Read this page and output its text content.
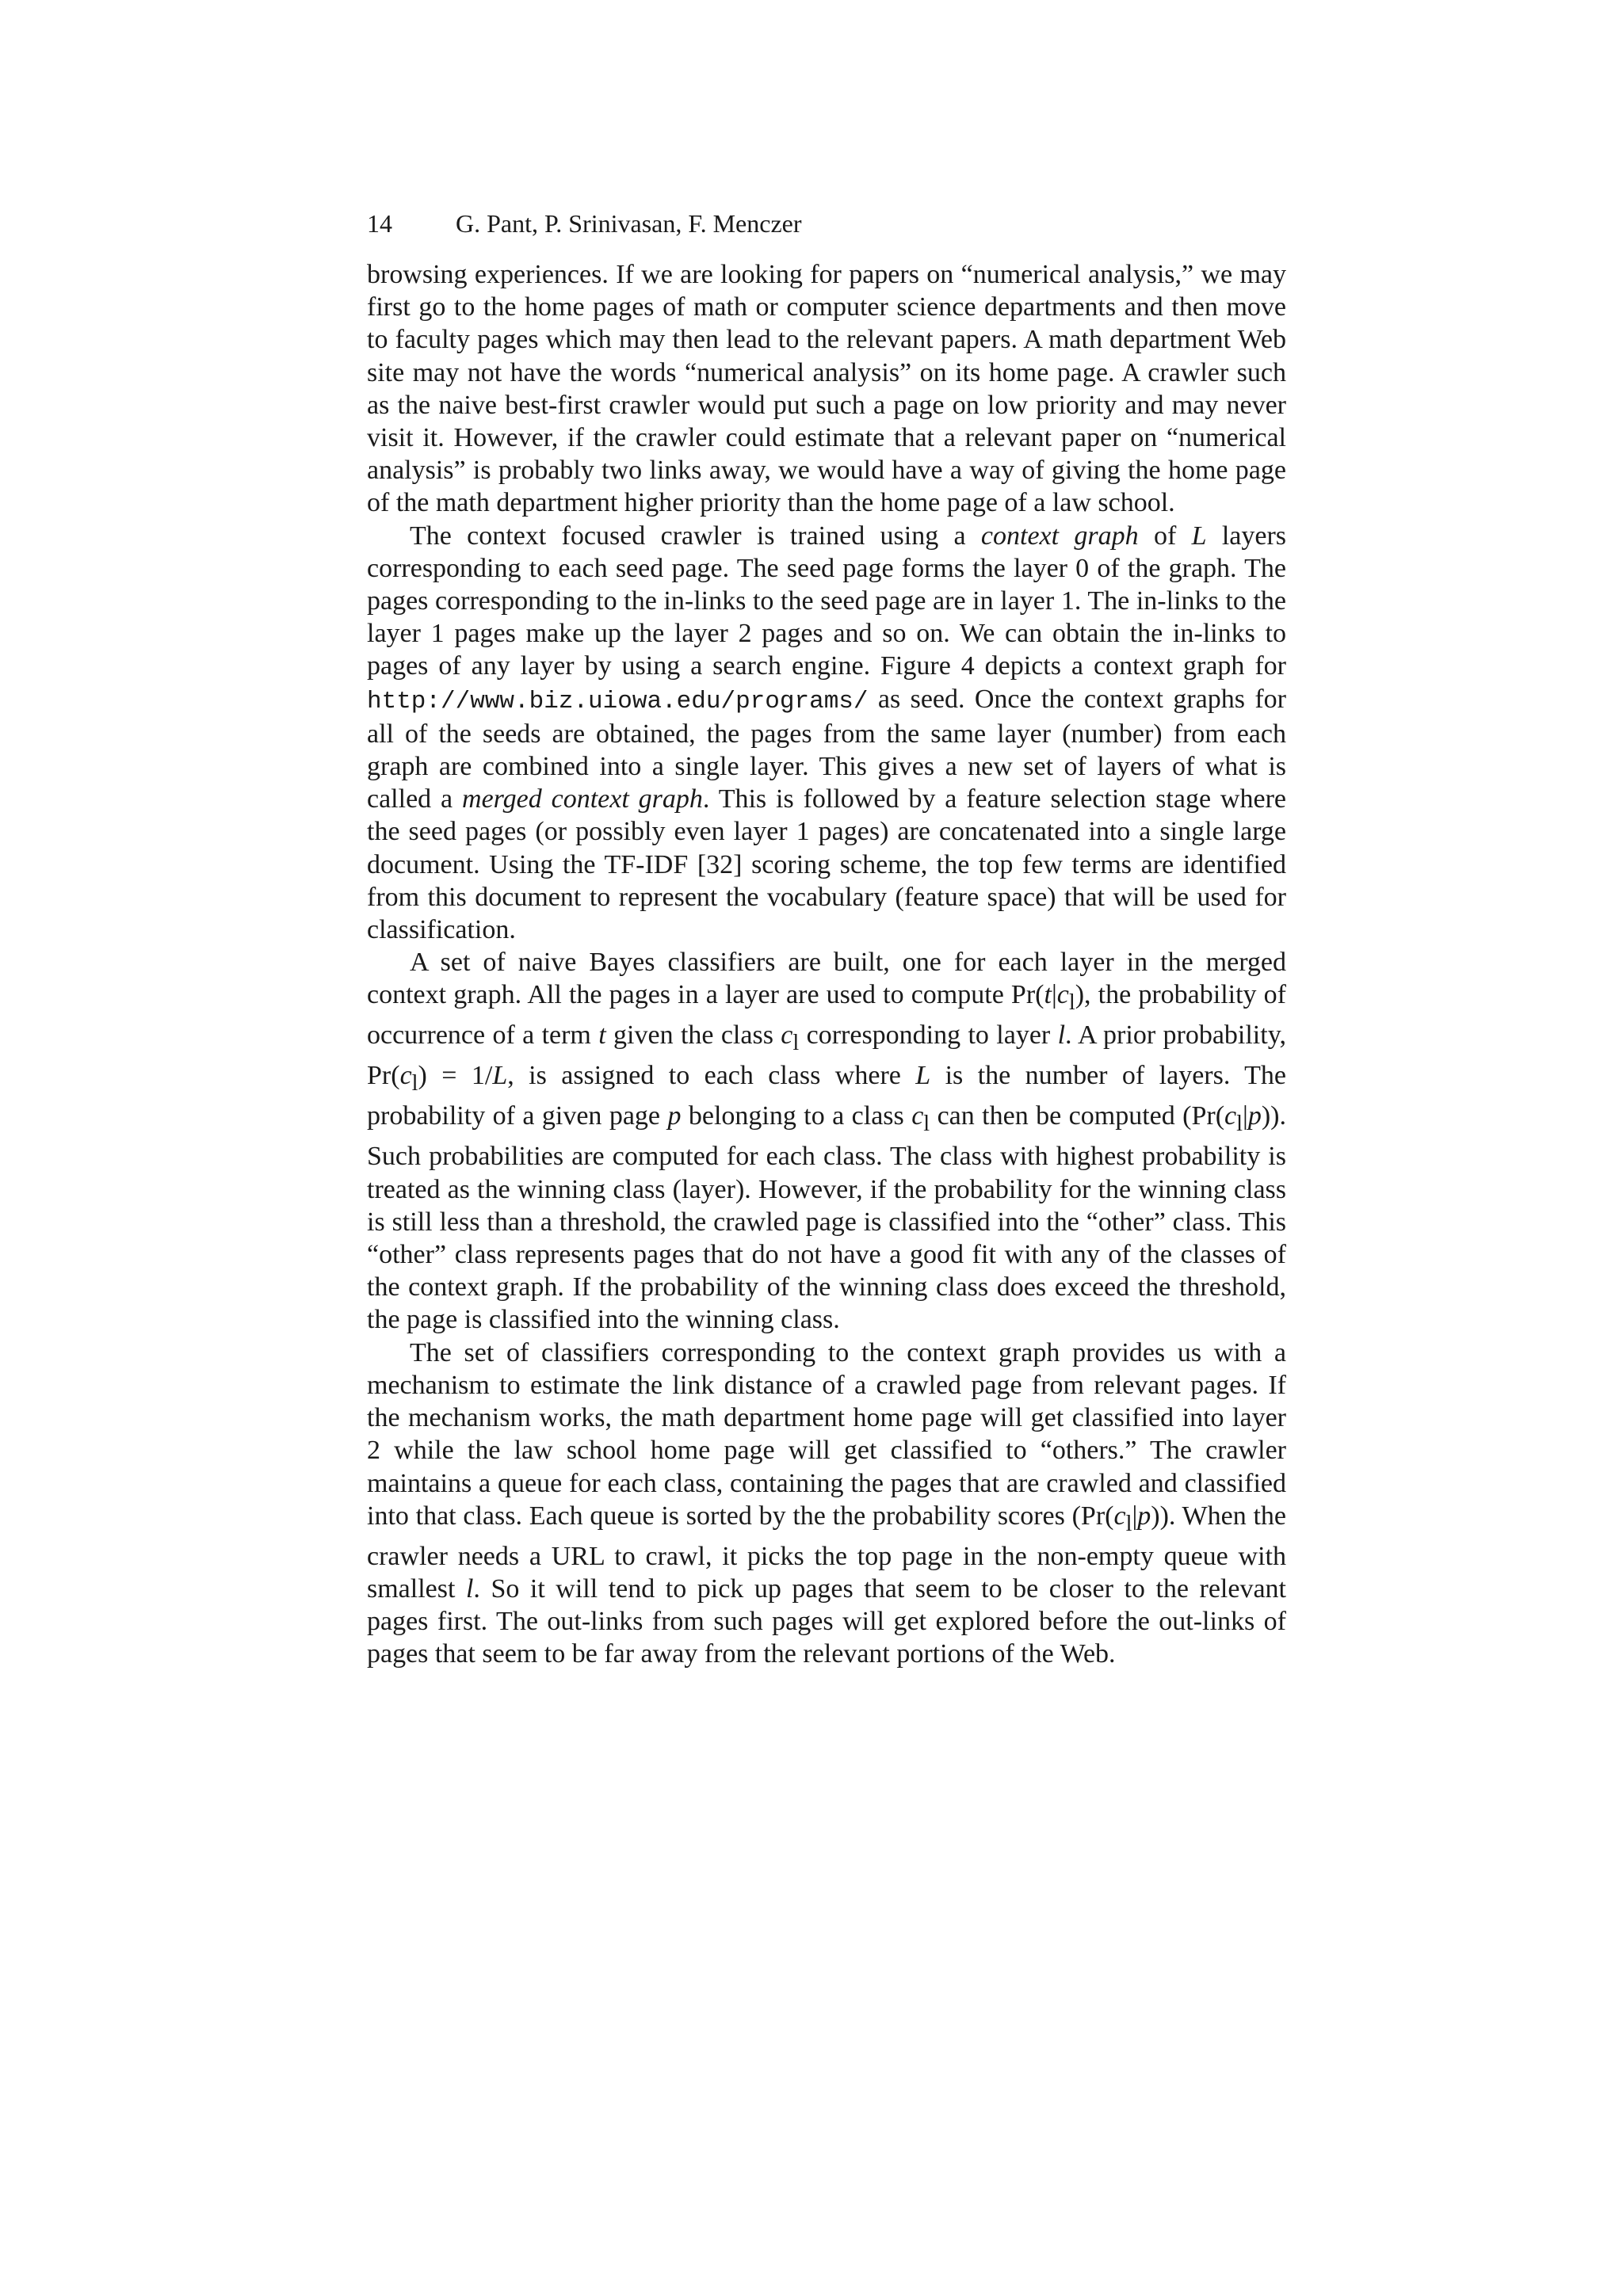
14	G. Pant, P. Srinivasan, F. Menczer

browsing experiences. If we are looking for papers on “numerical analysis,” we may first go to the home pages of math or computer science departments and then move to faculty pages which may then lead to the relevant papers. A math department Web site may not have the words “numerical analysis” on its home page. A crawler such as the naive best-first crawler would put such a page on low priority and may never visit it. However, if the crawler could estimate that a relevant paper on “numerical analysis” is probably two links away, we would have a way of giving the home page of the math department higher priority than the home page of a law school.

The context focused crawler is trained using a context graph of L layers corresponding to each seed page. The seed page forms the layer 0 of the graph. The pages corresponding to the in-links to the seed page are in layer 1. The in-links to the layer 1 pages make up the layer 2 pages and so on. We can obtain the in-links to pages of any layer by using a search engine. Figure 4 depicts a context graph for http://www.biz.uiowa.edu/programs/ as seed. Once the context graphs for all of the seeds are obtained, the pages from the same layer (number) from each graph are combined into a single layer. This gives a new set of layers of what is called a merged context graph. This is followed by a feature selection stage where the seed pages (or possibly even layer 1 pages) are concatenated into a single large document. Using the TF-IDF [32] scoring scheme, the top few terms are identified from this document to represent the vocabulary (feature space) that will be used for classification.

A set of naive Bayes classifiers are built, one for each layer in the merged context graph. All the pages in a layer are used to compute $Pr(t|c_l)$, the probability of occurrence of a term t given the class $c_l$ corresponding to layer l. A prior probability, $Pr(c_l) = 1/L$, is assigned to each class where L is the number of layers. The probability of a given page p belonging to a class $c_l$ can then be computed $(Pr(c_l|p))$. Such probabilities are computed for each class. The class with highest probability is treated as the winning class (layer). However, if the probability for the winning class is still less than a threshold, the crawled page is classified into the “other” class. This “other” class represents pages that do not have a good fit with any of the classes of the context graph. If the probability of the winning class does exceed the threshold, the page is classified into the winning class.

The set of classifiers corresponding to the context graph provides us with a mechanism to estimate the link distance of a crawled page from relevant pages. If the mechanism works, the math department home page will get classified into layer 2 while the law school home page will get classified to “others.” The crawler maintains a queue for each class, containing the pages that are crawled and classified into that class. Each queue is sorted by the the probability scores $(Pr(c_l|p))$. When the crawler needs a URL to crawl, it picks the top page in the non-empty queue with smallest l. So it will tend to pick up pages that seem to be closer to the relevant pages first. The out-links from such pages will get explored before the out-links of pages that seem to be far away from the relevant portions of the Web.
